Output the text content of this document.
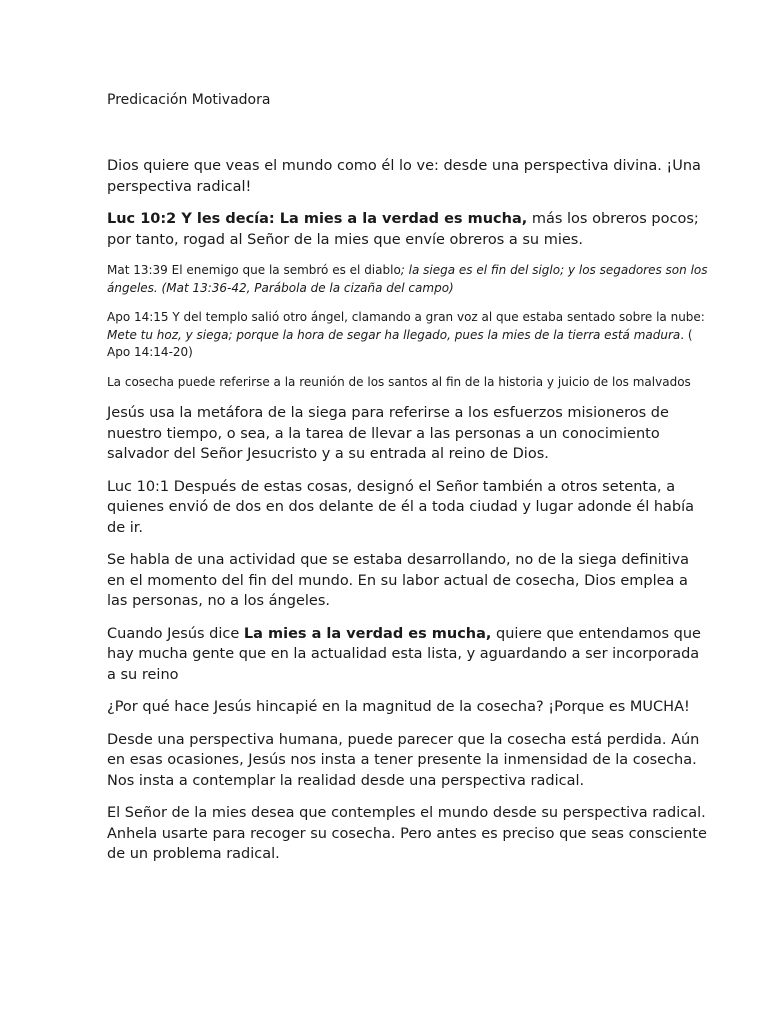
Predicación Motivadora

Dios quiere que veas el mundo como él lo ve: desde una perspectiva divina. ¡Una perspectiva radical!

Luc 10:2 Y les decía: La mies a la verdad es mucha, más los obreros pocos; por tanto, rogad al Señor de la mies que envíe obreros a su mies.

Mat 13:39 El enemigo que la sembró es el diablo; la siega es el fin del siglo; y los segadores son los ángeles. (Mat 13:36-42, Parábola de la cizaña del campo)

Apo 14:15 Y del templo salió otro ángel, clamando a gran voz al que estaba sentado sobre la nube: Mete tu hoz, y siega; porque la hora de segar ha llegado, pues la mies de la tierra está madura. ( Apo 14:14-20)

La cosecha puede referirse a la reunión de los santos al fin de la historia y juicio de los malvados

Jesús usa la metáfora de la siega para referirse a los esfuerzos misioneros de nuestro tiempo, o sea, a la tarea de llevar a las personas a un conocimiento salvador del Señor Jesucristo y a su entrada al reino de Dios.

Luc 10:1 Después de estas cosas, designó el Señor también a otros setenta, a quienes envió de dos en dos delante de él a toda ciudad y lugar adonde él había de ir.

Se habla de una actividad que se estaba desarrollando, no de la siega definitiva en el momento del fin del mundo. En su labor actual de cosecha, Dios emplea a las personas, no a los ángeles.

Cuando Jesús dice La mies a la verdad es mucha, quiere que entendamos que hay mucha gente que en la actualidad esta lista, y aguardando a ser incorporada a su reino

¿Por qué hace Jesús hincapié en la magnitud de la cosecha? ¡Porque es MUCHA!

Desde una perspectiva humana, puede parecer que la cosecha está perdida. Aún en esas ocasiones, Jesús nos insta a tener presente la inmensidad de la cosecha. Nos insta a contemplar la realidad desde una perspectiva radical.

El Señor de la mies desea que contemples el mundo desde su perspectiva radical. Anhela usarte para recoger su cosecha. Pero antes es preciso que seas consciente de un problema radical.
